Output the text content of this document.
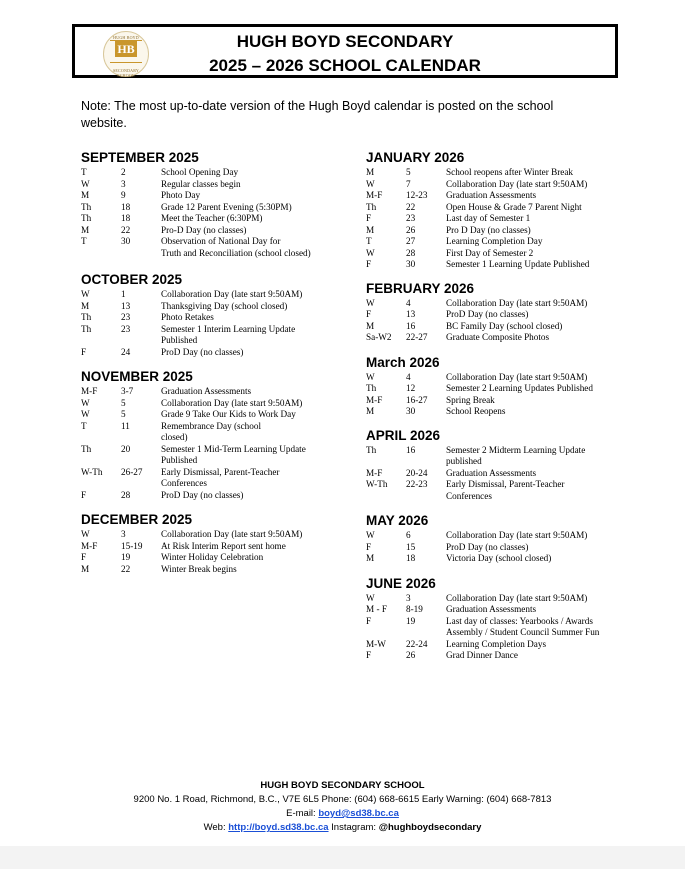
HUGH BOYD
HB
SECONDARY SCHOOL
HUGH BOYD SECONDARY
2025 – 2026 SCHOOL CALENDAR
Note: The most up-to-date version of the Hugh Boyd calendar is posted on the school website.
SEPTEMBER 2025
T	2	School Opening Day
W	3	Regular classes begin
M	9	Photo Day
Th	18	Grade 12 Parent Evening (5:30PM)
Th	18	Meet the Teacher (6:30PM)
M	22	Pro-D Day (no classes)
T	30	Observation of National Day for
Truth and Reconciliation (school closed)
OCTOBER 2025
W	1	Collaboration Day (late start 9:50AM)
M	13	Thanksgiving Day (school closed)
Th	23	Photo Retakes
Th	23	Semester 1 Interim Learning Update
Published
F	24	ProD Day (no classes)
NOVEMBER 2025
M-F	3-7	Graduation Assessments
W	5	Collaboration Day (late start 9:50AM)
W	5	Grade 9 Take Our Kids to Work Day
T	11	Remembrance Day (school
closed)
Th	20	Semester 1 Mid-Term Learning Update
Published
W-Th	26-27	Early Dismissal, Parent-Teacher
Conferences
F	28	ProD Day (no classes)
DECEMBER 2025
W	3	Collaboration Day (late start 9:50AM)
M-F	15-19	At Risk Interim Report sent home
F	19	Winter Holiday Celebration
M	22	Winter Break begins
JANUARY 2026
M	5	School reopens after Winter Break
W	7	Collaboration Day (late start 9:50AM)
M-F	12-23	Graduation Assessments
Th	22	Open House & Grade 7 Parent Night
F	23	Last day of Semester 1
M	26	Pro D Day (no classes)
T	27	Learning Completion Day
W	28	First Day of Semester 2
F	30	Semester 1 Learning Update Published
FEBRUARY 2026
W	4	Collaboration Day (late start 9:50AM)
F	13	ProD Day (no classes)
M	16	BC Family Day (school closed)
Sa-W2	22-27	Graduate Composite Photos
March 2026
W	4	Collaboration Day (late start 9:50AM)
Th	12	Semester 2 Learning Updates Published
M-F	16-27	Spring Break
M	30	School Reopens
APRIL 2026
Th	16	Semester 2 Midterm Learning Update
published
M-F	20-24	Graduation Assessments
W-Th	22-23	Early Dismissal, Parent-Teacher
Conferences
MAY 2026
W	6	Collaboration Day (late start 9:50AM)
F	15	ProD Day (no classes)
M	18	Victoria Day (school closed)
JUNE 2026
W	3	Collaboration Day (late start 9:50AM)
M - F	8-19	Graduation Assessments
F	19	Last day of classes: Yearbooks / Awards
Assembly / Student Council Summer Fun
M-W	22-24	Learning Completion Days
F	26	Grad Dinner Dance
HUGH BOYD SECONDARY SCHOOL
9200 No. 1 Road, Richmond, B.C., V7E 6L5 Phone: (604) 668-6615 Early Warning: (604) 668-7813
E-mail: boyd@sd38.bc.ca
Web: http://boyd.sd38.bc.ca Instagram: @hughboydsecondary
